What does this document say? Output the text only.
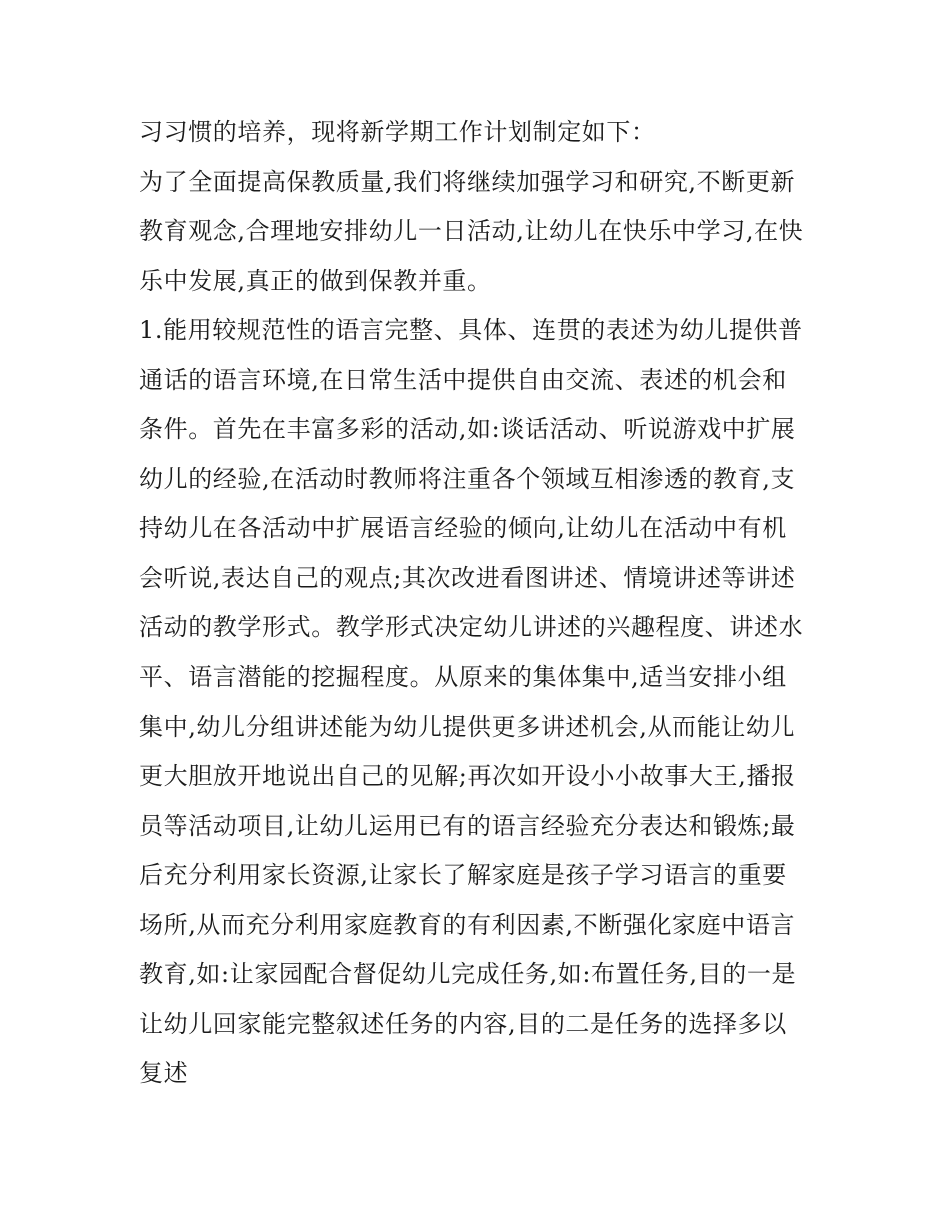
习习惯的培养，现将新学期工作计划制定如下：
为了全面提高保教质量,我们将继续加强学习和研究,不断更新
教育观念,合理地安排幼儿一日活动,让幼儿在快乐中学习,在快
乐中发展,真正的做到保教并重。
1.能用较规范性的语言完整、具体、连贯的表述为幼儿提供普
通话的语言环境,在日常生活中提供自由交流、表述的机会和
条件。首先在丰富多彩的活动,如:谈话活动、听说游戏中扩展
幼儿的经验,在活动时教师将注重各个领域互相渗透的教育,支
持幼儿在各活动中扩展语言经验的倾向,让幼儿在活动中有机
会听说,表达自己的观点;其次改进看图讲述、情境讲述等讲述
活动的教学形式。教学形式决定幼儿讲述的兴趣程度、讲述水
平、语言潜能的挖掘程度。从原来的集体集中,适当安排小组
集中,幼儿分组讲述能为幼儿提供更多讲述机会,从而能让幼儿
更大胆放开地说出自己的见解;再次如开设小小故事大王,播报
员等活动项目,让幼儿运用已有的语言经验充分表达和锻炼;最
后充分利用家长资源,让家长了解家庭是孩子学习语言的重要
场所,从而充分利用家庭教育的有利因素,不断强化家庭中语言
教育,如:让家园配合督促幼儿完成任务,如:布置任务,目的一是
让幼儿回家能完整叙述任务的内容,目的二是任务的选择多以
复述
